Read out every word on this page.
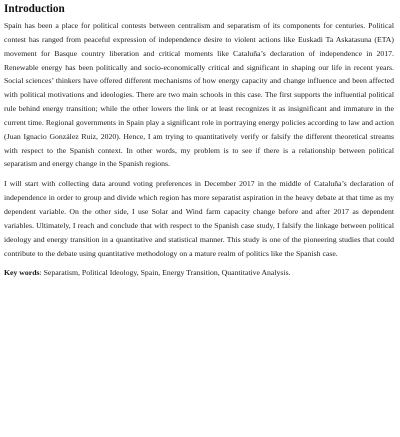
Introduction

Spain has been a place for political contests between centralism and separatism of its components for centuries. Political contest has ranged from peaceful expression of independence desire to violent actions like Euskadi Ta Askatasuna (ETA) movement for Basque country liberation and critical moments like Cataluña’s declaration of independence in 2017. Renewable energy has been politically and socio-economically critical and significant in shaping our life in recent years. Social sciences’ thinkers have offered different mechanisms of how energy capacity and change influence and been affected with political motivations and ideologies. There are two main schools in this case. The first supports the influential political rule behind energy transition; while the other lowers the link or at least recognizes it as insignificant and immature in the current time. Regional governments in Spain play a significant role in portraying energy policies according to law and action (Juan Ignacio González Ruiz, 2020). Hence, I am trying to quantitatively verify or falsify the different theoretical streams with respect to the Spanish context. In other words, my problem is to see if there is a relationship between political separatism and energy change in the Spanish regions.

I will start with collecting data around voting preferences in December 2017 in the middle of Cataluña’s declaration of independence in order to group and divide which region has more separatist aspiration in the heavy debate at that time as my dependent variable. On the other side, I use Solar and Wind farm capacity change before and after 2017 as dependent variables. Ultimately, I reach and conclude that with respect to the Spanish case study, I falsify the linkage between political ideology and energy transition in a quantitative and statistical manner. This study is one of the pioneering studies that could contribute to the debate using quantitative methodology on a mature realm of politics like the Spanish case.

Key words: Separatism, Political Ideology, Spain, Energy Transition, Quantitative Analysis.
